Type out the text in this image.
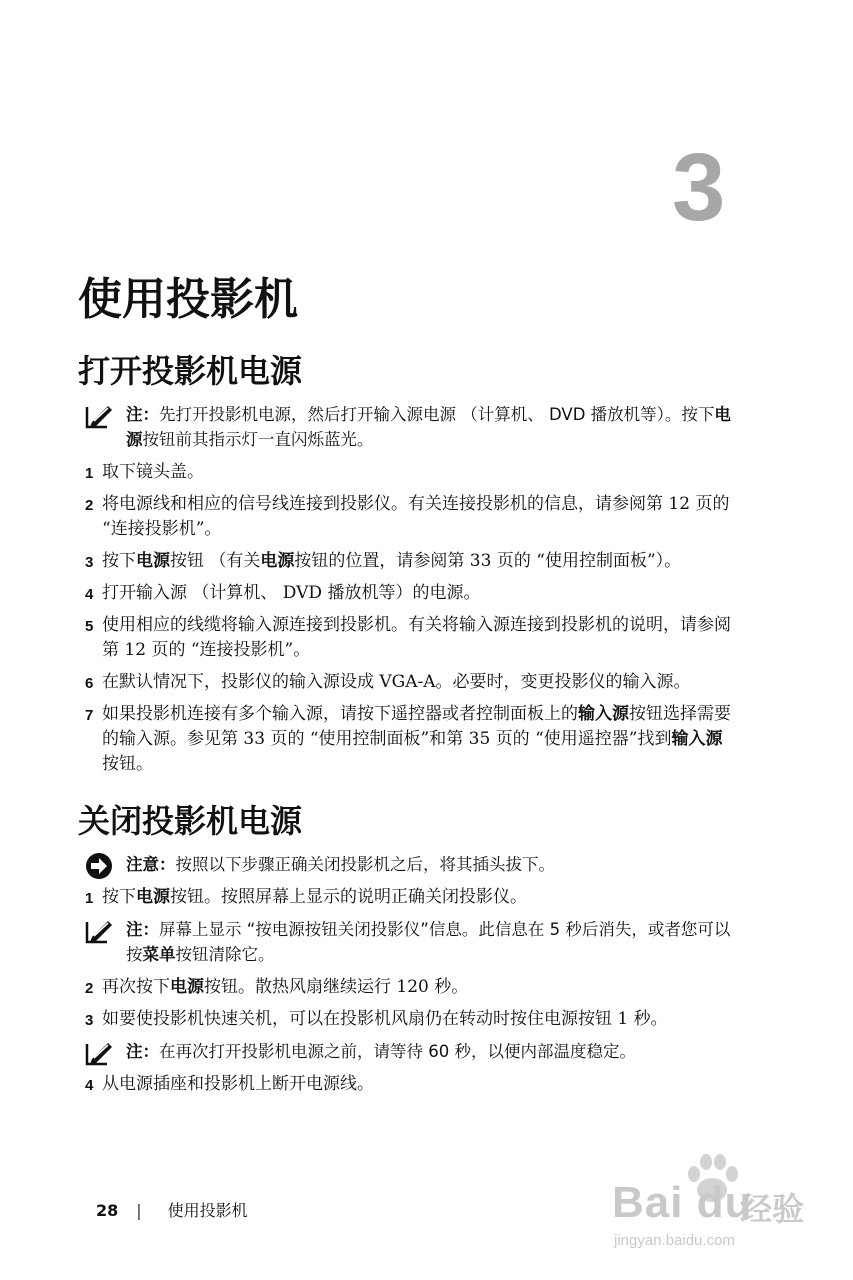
3
使用投影机
打开投影机电源
注：先打开投影机电源，然后打开输入源电源 （计算机、 DVD 播放机等）。按下电源按钮前其指示灯一直闪烁蓝光。
1 取下镜头盖。
2 将电源线和相应的信号线连接到投影仪。有关连接投影机的信息，请参阅第 12 页的 “连接投影机”。
3 按下电源按钮 （有关电源按钮的位置，请参阅第 33 页的 “使用控制面板”）。
4 打开输入源 （计算机、 DVD 播放机等）的电源。
5 使用相应的线缆将输入源连接到投影机。有关将输入源连接到投影机的说明，请参阅第 12 页的 “连接投影机”。
6 在默认情况下，投影仪的输入源设成 VGA-A。必要时，变更投影仪的输入源。
7 如果投影机连接有多个输入源，请按下遥控器或者控制面板上的输入源按钮选择需要的输入源。参见第 33 页的 “使用控制面板”和第 35 页的 “使用遥控器”找到输入源按钮。
关闭投影机电源
注意：按照以下步骤正确关闭投影机之后，将其插头拔下。
1 按下电源按钮。按照屏幕上显示的说明正确关闭投影仪。
注：屏幕上显示 “按电源按钮关闭投影仪”信息。此信息在 5 秒后消失，或者您可以按菜单按钮清除它。
2 再次按下电源按钮。散热风扇继续运行 120 秒。
3 如要使投影机快速关机，可以在投影机风扇仍在转动时按住电源按钮 1 秒。
注：在再次打开投影机电源之前，请等待 60 秒，以便内部温度稳定。
4 从电源插座和投影机上断开电源线。
28 | 使用投影机	Bai du
经验
jingyan.baidu.com
